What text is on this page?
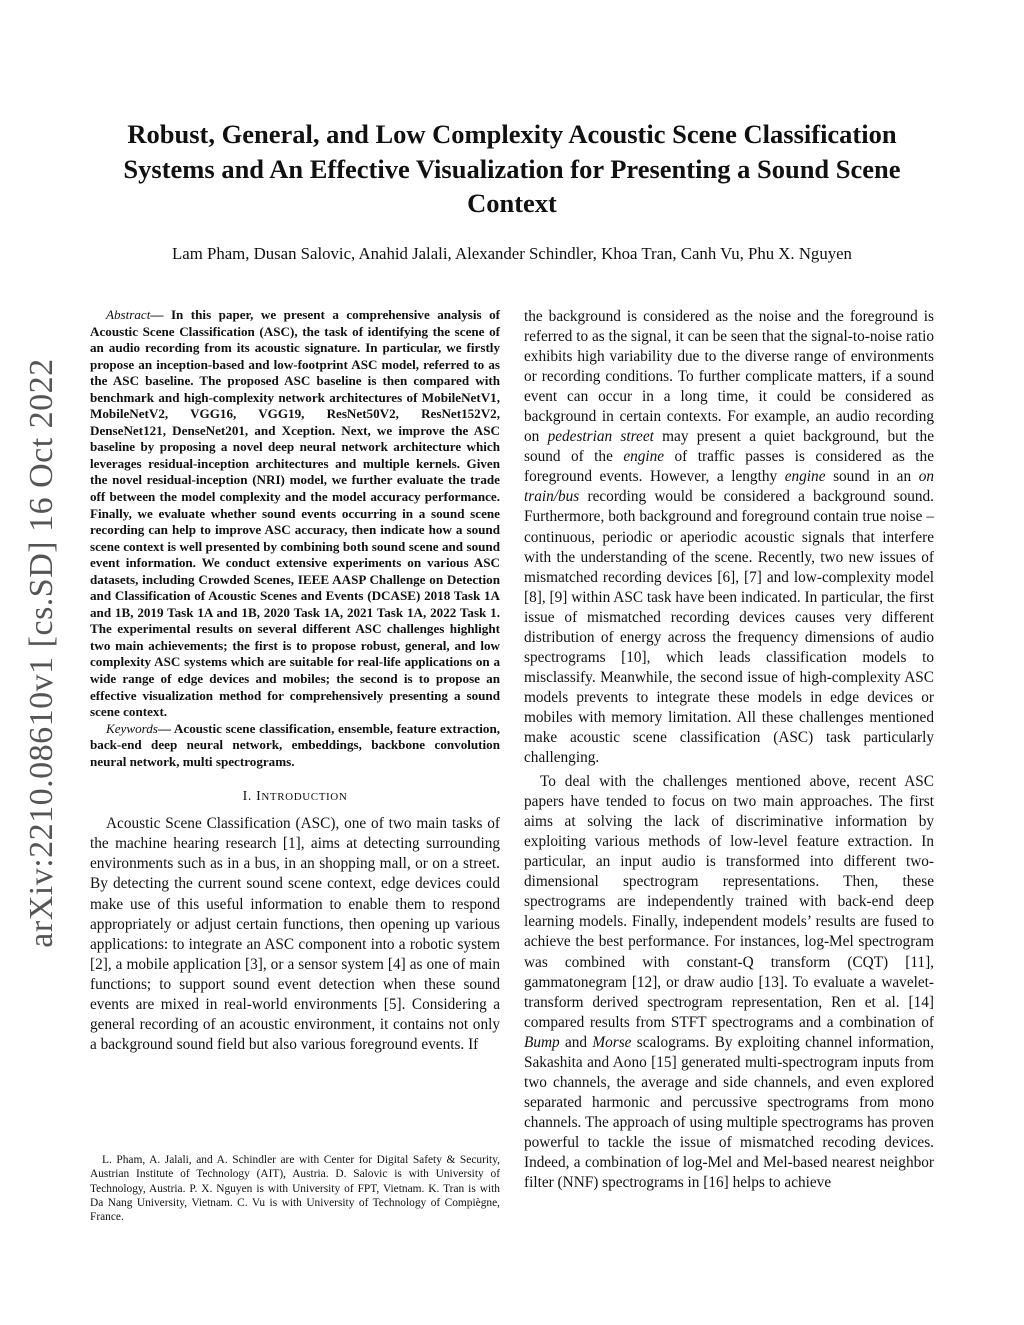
arXiv:2210.08610v1 [cs.SD] 16 Oct 2022
Robust, General, and Low Complexity Acoustic Scene Classification Systems and An Effective Visualization for Presenting a Sound Scene Context
Lam Pham, Dusan Salovic, Anahid Jalali, Alexander Schindler, Khoa Tran, Canh Vu, Phu X. Nguyen

Abstract— In this paper, we present a comprehensive analysis of Acoustic Scene Classification (ASC), the task of identifying the scene of an audio recording from its acoustic signature. In particular, we firstly propose an inception-based and low-footprint ASC model, referred to as the ASC baseline. The proposed ASC baseline is then compared with benchmark and high-complexity network architectures of MobileNetV1, MobileNetV2, VGG16, VGG19, ResNet50V2, ResNet152V2, DenseNet121, DenseNet201, and Xception. Next, we improve the ASC baseline by proposing a novel deep neural network architecture which leverages residual-inception architectures and multiple kernels. Given the novel residual-inception (NRI) model, we further evaluate the trade off between the model complexity and the model accuracy performance. Finally, we evaluate whether sound events occurring in a sound scene recording can help to improve ASC accuracy, then indicate how a sound scene context is well presented by combining both sound scene and sound event information. We conduct extensive experiments on various ASC datasets, including Crowded Scenes, IEEE AASP Challenge on Detection and Classification of Acoustic Scenes and Events (DCASE) 2018 Task 1A and 1B, 2019 Task 1A and 1B, 2020 Task 1A, 2021 Task 1A, 2022 Task 1. The experimental results on several different ASC challenges highlight two main achievements; the first is to propose robust, general, and low complexity ASC systems which are suitable for real-life applications on a wide range of edge devices and mobiles; the second is to propose an effective visualization method for comprehensively presenting a sound scene context.

Keywords— Acoustic scene classification, ensemble, feature extraction, back-end deep neural network, embeddings, backbone convolution neural network, multi spectrograms.

I. INTRODUCTION

Acoustic Scene Classification (ASC), one of two main tasks of the machine hearing research [1], aims at detecting surrounding environments such as in a bus, in an shopping mall, or on a street. By detecting the current sound scene context, edge devices could make use of this useful information to enable them to respond appropriately or adjust certain functions, then opening up various applications: to integrate an ASC component into a robotic system [2], a mobile application [3], or a sensor system [4] as one of main functions; to support sound event detection when these sound events are mixed in real-world environments [5]. Considering a general recording of an acoustic environment, it contains not only a background sound field but also various foreground events. If

L. Pham, A. Jalali, and A. Schindler are with Center for Digital Safety & Security, Austrian Institute of Technology (AIT), Austria. D. Salovic is with University of Technology, Austria. P. X. Nguyen is with University of FPT, Vietnam. K. Tran is with Da Nang University, Vietnam. C. Vu is with University of Technology of Compiègne, France.

the background is considered as the noise and the foreground is referred to as the signal, it can be seen that the signal-to-noise ratio exhibits high variability due to the diverse range of environments or recording conditions. To further complicate matters, if a sound event can occur in a long time, it could be considered as background in certain contexts. For example, an audio recording on pedestrian street may present a quiet background, but the sound of the engine of traffic passes is considered as the foreground events. However, a lengthy engine sound in an on train/bus recording would be considered a background sound. Furthermore, both background and foreground contain true noise – continuous, periodic or aperiodic acoustic signals that interfere with the understanding of the scene. Recently, two new issues of mismatched recording devices [6], [7] and low-complexity model [8], [9] within ASC task have been indicated. In particular, the first issue of mismatched recording devices causes very different distribution of energy across the frequency dimensions of audio spectrograms [10], which leads classification models to misclassify. Meanwhile, the second issue of high-complexity ASC models prevents to integrate these models in edge devices or mobiles with memory limitation. All these challenges mentioned make acoustic scene classification (ASC) task particularly challenging.

To deal with the challenges mentioned above, recent ASC papers have tended to focus on two main approaches. The first aims at solving the lack of discriminative information by exploiting various methods of low-level feature extraction. In particular, an input audio is transformed into different two-dimensional spectrogram representations. Then, these spectrograms are independently trained with back-end deep learning models. Finally, independent models’ results are fused to achieve the best performance. For instances, log-Mel spectrogram was combined with constant-Q transform (CQT) [11], gammatonegram [12], or draw audio [13]. To evaluate a wavelet-transform derived spectrogram representation, Ren et al. [14] compared results from STFT spectrograms and a combination of Bump and Morse scalograms. By exploiting channel information, Sakashita and Aono [15] generated multi-spectrogram inputs from two channels, the average and side channels, and even explored separated harmonic and percussive spectrograms from mono channels. The approach of using multiple spectrograms has proven powerful to tackle the issue of mismatched recoding devices. Indeed, a combination of log-Mel and Mel-based nearest neighbor filter (NNF) spectrograms in [16] helps to achieve
